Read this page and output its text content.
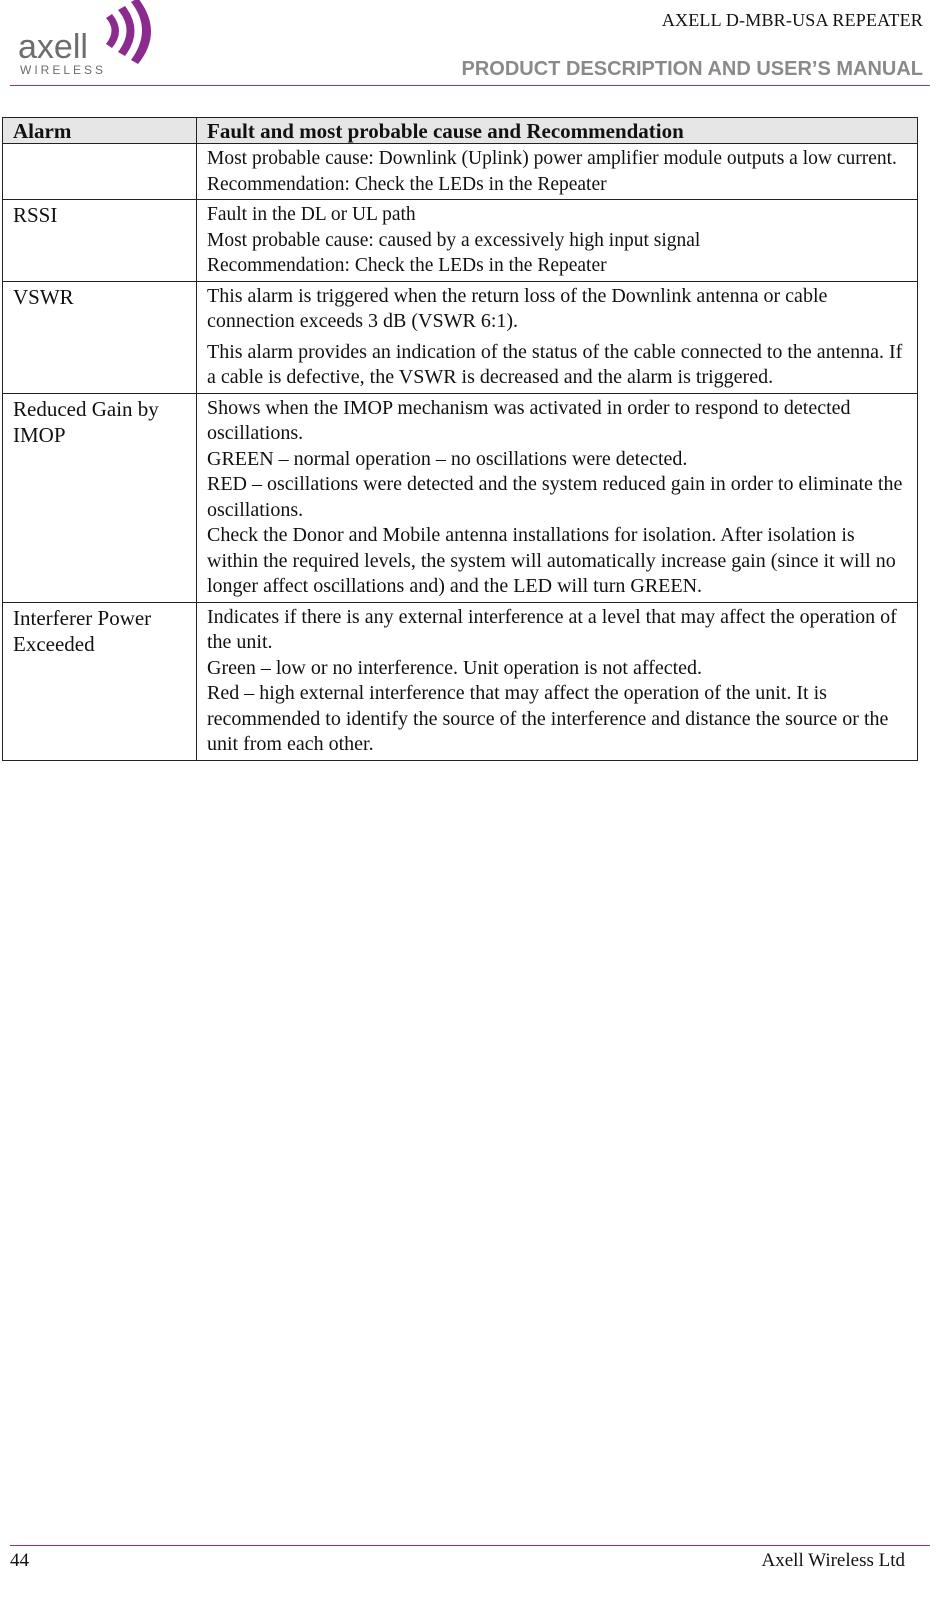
axell
WIRELESS
AXELL D-MBR-USA REPEATER
PRODUCT DESCRIPTION AND USER’S MANUAL
Alarm	Fault and most probable cause and Recommendation

	Most probable cause: Downlink (Uplink) power amplifier module outputs a low current.

Recommendation: Check the LEDs in the Repeater

RSSI	Fault in the DL or UL path

Most probable cause: caused by a excessively high input signal

Recommendation: Check the LEDs in the Repeater

VSWR	This alarm is triggered when the return loss of the Downlink antenna or cable connection exceeds 3 dB (VSWR 6:1).

This alarm provides an indication of the status of the cable connected to the antenna. If a cable is defective, the VSWR is decreased and the alarm is triggered.

Reduced Gain by IMOP	Shows when the IMOP mechanism was activated in order to respond to detected oscillations.

GREEN – normal operation – no oscillations were detected.

RED – oscillations were detected and the system reduced gain in order to eliminate the oscillations.

Check the Donor and Mobile antenna installations for isolation. After isolation is within the required levels, the system will automatically increase gain (since it will no longer affect oscillations and) and the LED will turn GREEN.

Interferer Power Exceeded	Indicates if there is any external interference at a level that may affect the operation of the unit.

Green – low or no interference. Unit operation is not affected.

Red – high external interference that may affect the operation of the unit. It is recommended to identify the source of the interference and distance the source or the unit from each other.

44	Axell Wireless Ltd
